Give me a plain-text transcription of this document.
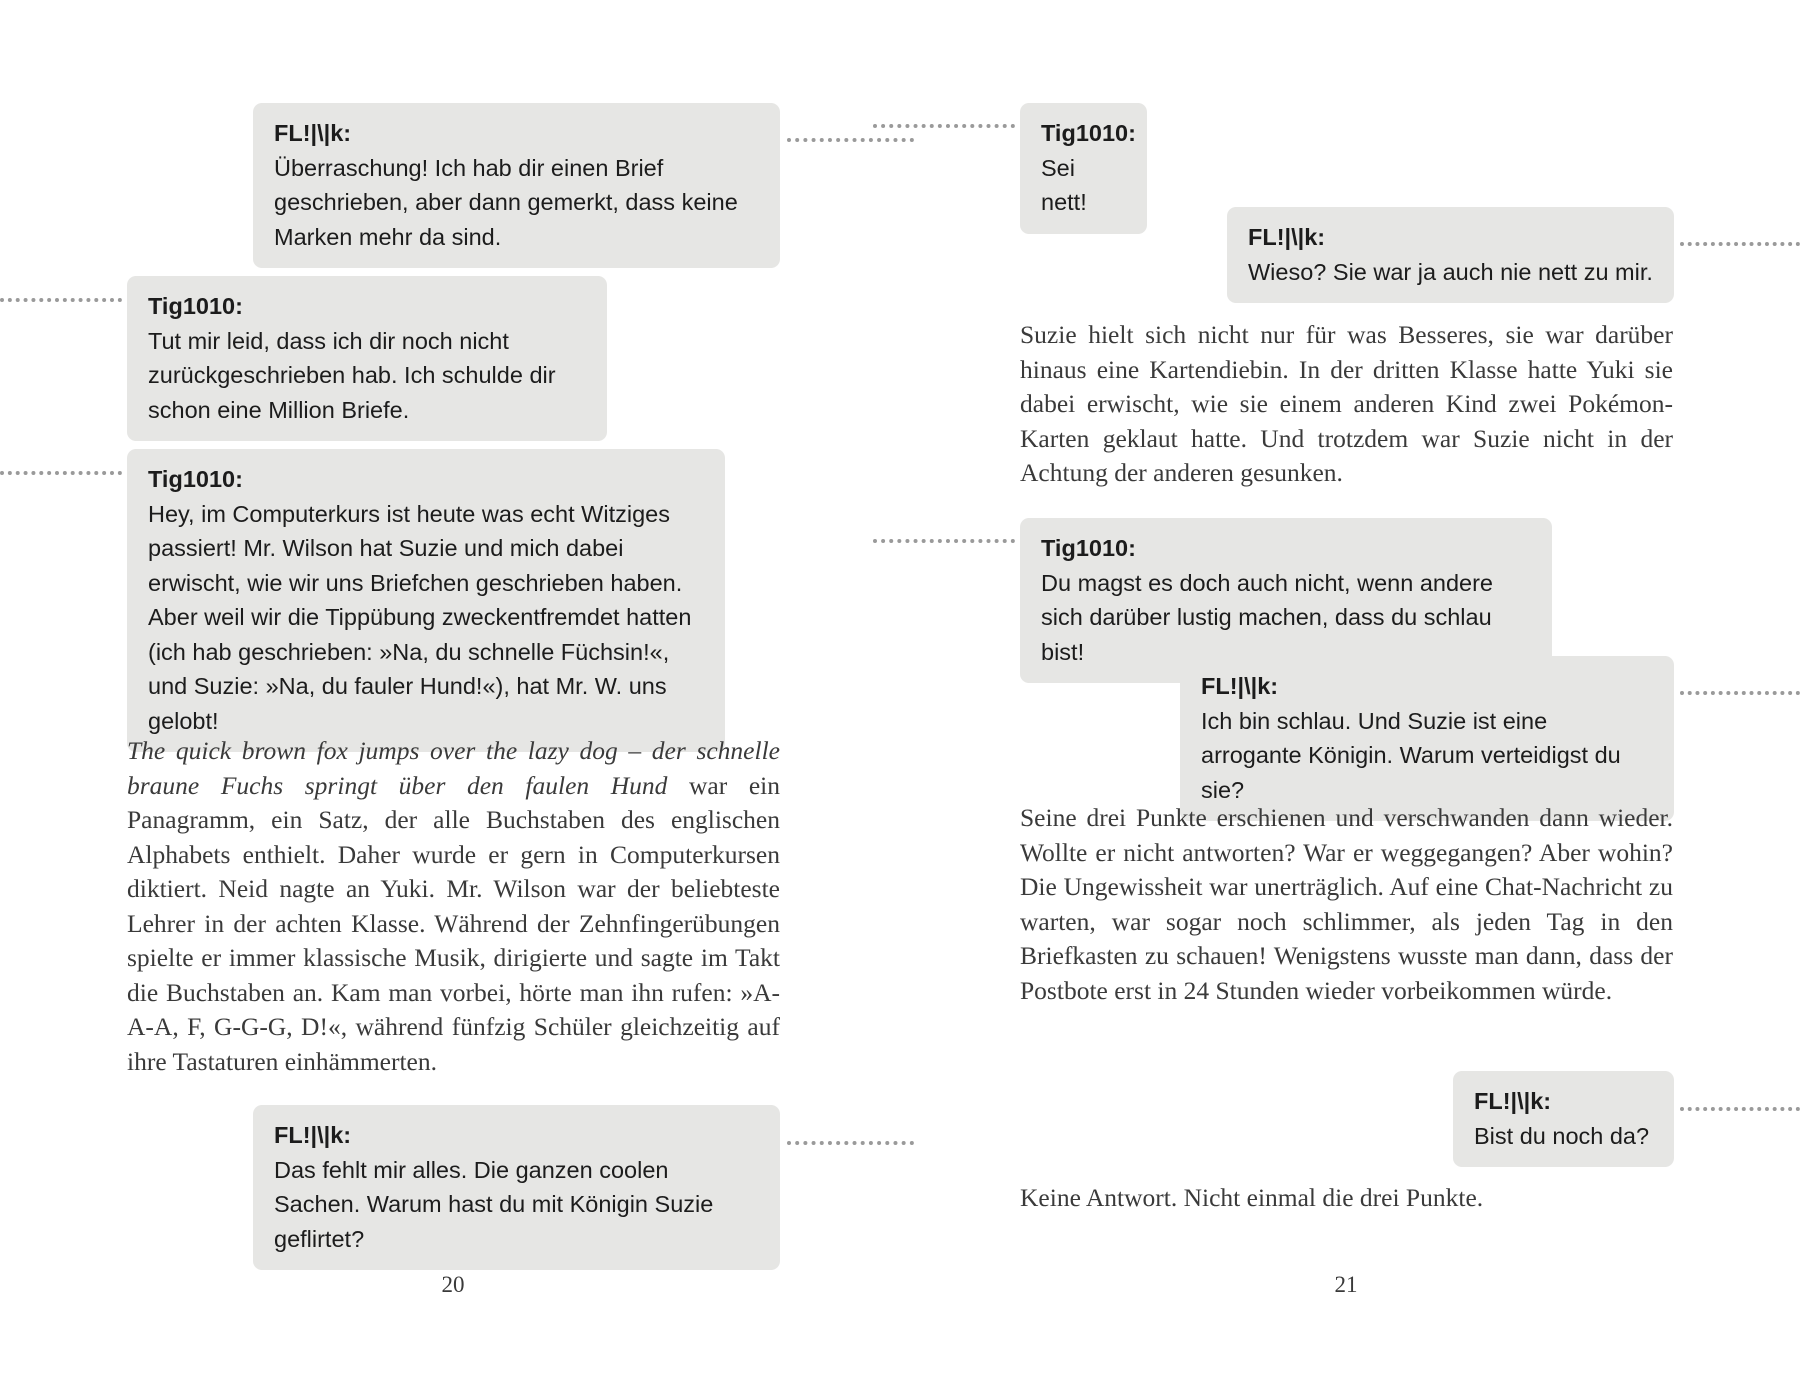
FL!|\|k:
Überraschung! Ich hab dir einen Brief geschrieben, aber dann gemerkt, dass keine Marken mehr da sind.
Tig1010:
Tut mir leid, dass ich dir noch nicht zurückgeschrieben hab. Ich schulde dir schon eine Million Briefe.
Tig1010:
Hey, im Computerkurs ist heute was echt Witziges passiert! Mr. Wilson hat Suzie und mich dabei erwischt, wie wir uns Briefchen geschrieben haben. Aber weil wir die Tippübung zweckentfremdet hatten (ich hab geschrieben: »Na, du schnelle Füchsin!«, und Suzie: »Na, du fauler Hund!«), hat Mr. W. uns gelobt!
The quick brown fox jumps over the lazy dog – der schnelle braune Fuchs springt über den faulen Hund war ein Panagramm, ein Satz, der alle Buchstaben des englischen Alphabets enthielt. Daher wurde er gern in Computerkursen diktiert. Neid nagte an Yuki. Mr. Wilson war der beliebteste Lehrer in der achten Klasse. Während der Zehnfingerübungen spielte er immer klassische Musik, dirigierte und sagte im Takt die Buchstaben an. Kam man vorbei, hörte man ihn rufen: »A-A-A, F, G-G-G, D!«, während fünfzig Schüler gleichzeitig auf ihre Tastaturen einhämmerten.
FL!|\|k:
Das fehlt mir alles. Die ganzen coolen Sachen. Warum hast du mit Königin Suzie geflirtet?
20
Tig1010:
Sei nett!
FL!|\|k:
Wieso? Sie war ja auch nie nett zu mir.
Suzie hielt sich nicht nur für was Besseres, sie war darüber hinaus eine Kartendiebin. In der dritten Klasse hatte Yuki sie dabei erwischt, wie sie einem anderen Kind zwei Pokémon-Karten geklaut hatte. Und trotzdem war Suzie nicht in der Achtung der anderen gesunken.
Tig1010:
Du magst es doch auch nicht, wenn andere sich darüber lustig machen, dass du schlau bist!
FL!|\|k:
Ich bin schlau. Und Suzie ist eine arrogante Königin. Warum verteidigst du sie?
Seine drei Punkte erschienen und verschwanden dann wieder. Wollte er nicht antworten? War er weggegangen? Aber wohin? Die Ungewissheit war unerträglich. Auf eine Chat-Nachricht zu warten, war sogar noch schlimmer, als jeden Tag in den Briefkasten zu schauen! Wenigstens wusste man dann, dass der Postbote erst in 24 Stunden wieder vorbeikommen würde.
FL!|\|k:
Bist du noch da?
Keine Antwort. Nicht einmal die drei Punkte.
21
